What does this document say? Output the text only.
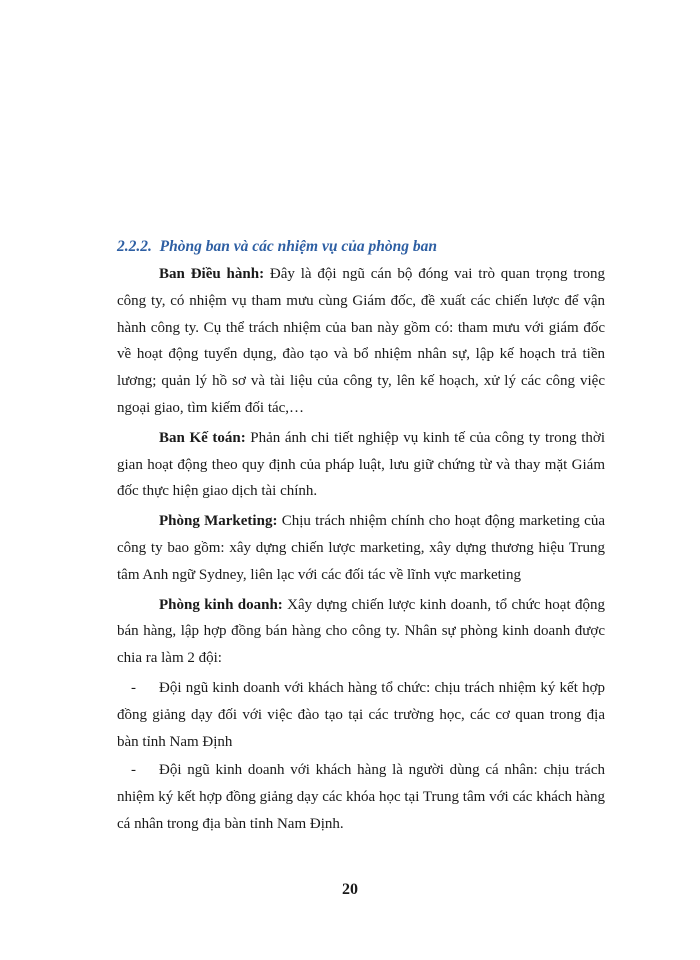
2.2.2. Phòng ban và các nhiệm vụ của phòng ban

Ban Điều hành: Đây là đội ngũ cán bộ đóng vai trò quan trọng trong công ty, có nhiệm vụ tham mưu cùng Giám đốc, đề xuất các chiến lược để vận hành công ty. Cụ thể trách nhiệm của ban này gồm có: tham mưu với giám đốc về hoạt động tuyển dụng, đào tạo và bổ nhiệm nhân sự, lập kế hoạch trả tiền lương; quản lý hồ sơ và tài liệu của công ty, lên kế hoạch, xử lý các công việc ngoại giao, tìm kiếm đối tác,…

Ban Kế toán: Phản ánh chi tiết nghiệp vụ kinh tế của công ty trong thời gian hoạt động theo quy định của pháp luật, lưu giữ chứng từ và thay mặt Giám đốc thực hiện giao dịch tài chính.

Phòng Marketing: Chịu trách nhiệm chính cho hoạt động marketing của công ty bao gồm: xây dựng chiến lược marketing, xây dựng thương hiệu Trung tâm Anh ngữ Sydney, liên lạc với các đối tác về lĩnh vực marketing

Phòng kinh doanh: Xây dựng chiến lược kinh doanh, tổ chức hoạt động bán hàng, lập hợp đồng bán hàng cho công ty. Nhân sự phòng kinh doanh được chia ra làm 2 đội:

- Đội ngũ kinh doanh với khách hàng tổ chức: chịu trách nhiệm ký kết hợp đồng giảng dạy đối với việc đào tạo tại các trường học, các cơ quan trong địa bàn tỉnh Nam Định

- Đội ngũ kinh doanh với khách hàng là người dùng cá nhân: chịu trách nhiệm ký kết hợp đồng giảng dạy các khóa học tại Trung tâm với các khách hàng cá nhân trong địa bàn tỉnh Nam Định.

20
